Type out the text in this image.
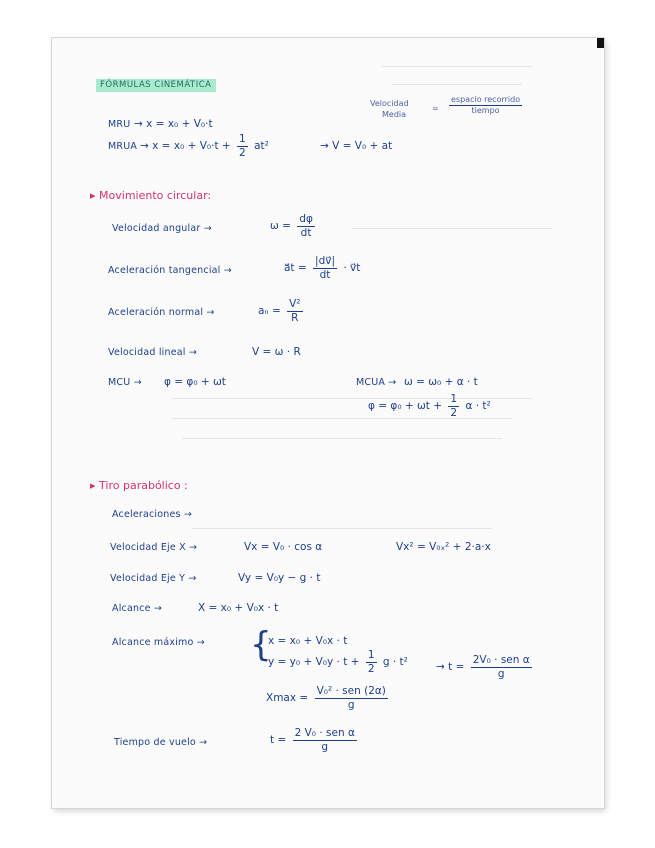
FÓRMULAS CINEMÁTICA
Velocidad
Media
= $\frac{\text{espacio recorrido}}{\text{tiempo}}$
MRU → x = x₀ + V₀·t
MRUA → $x = x_0 + V_0\cdot t + \frac{1}{2} at^2$	→ V = V₀ + at
▸ Movimiento circular:
Velocidad angular →	$\omega = \frac{d\varphi}{dt}$
Aceleración tangencial →	a⃗t = $\frac{|dv⃗|}{dt}$ · v⃗t
Aceleración normal →	$a_n = \frac{\text{V²}}{R}$
Velocidad lineal →	V = ω · R
MCU → φ = φ₀ + ωt	MCUA → ω = ω₀ + α · t
$\varphi = \varphi_0 + \omega t + \frac{1}{2}$ α · t²
▸ Tiro parabólico :
Aceleraciones →
Velocidad Eje X →	Vx = V₀ · cos α	Vx² = V₀ₓ² + 2·a·x
Velocidad Eje Y →	Vy = V₀y − g · t
Alcance →	X = x₀ + V₀x · t
Alcance máximo → {
x = x₀ + V₀x · t
$y = y_0 + V_0y \cdot t + \frac{1}{2}$ g · t²	→ $t = \frac{\text{2V₀ · sen α}}{g}$
$Xmax = \frac{\text{V₀² · sen (2α)}}{g}$
Tiempo de vuelo →	$t = \frac{\text{2 V₀ · sen α}}{g}$
